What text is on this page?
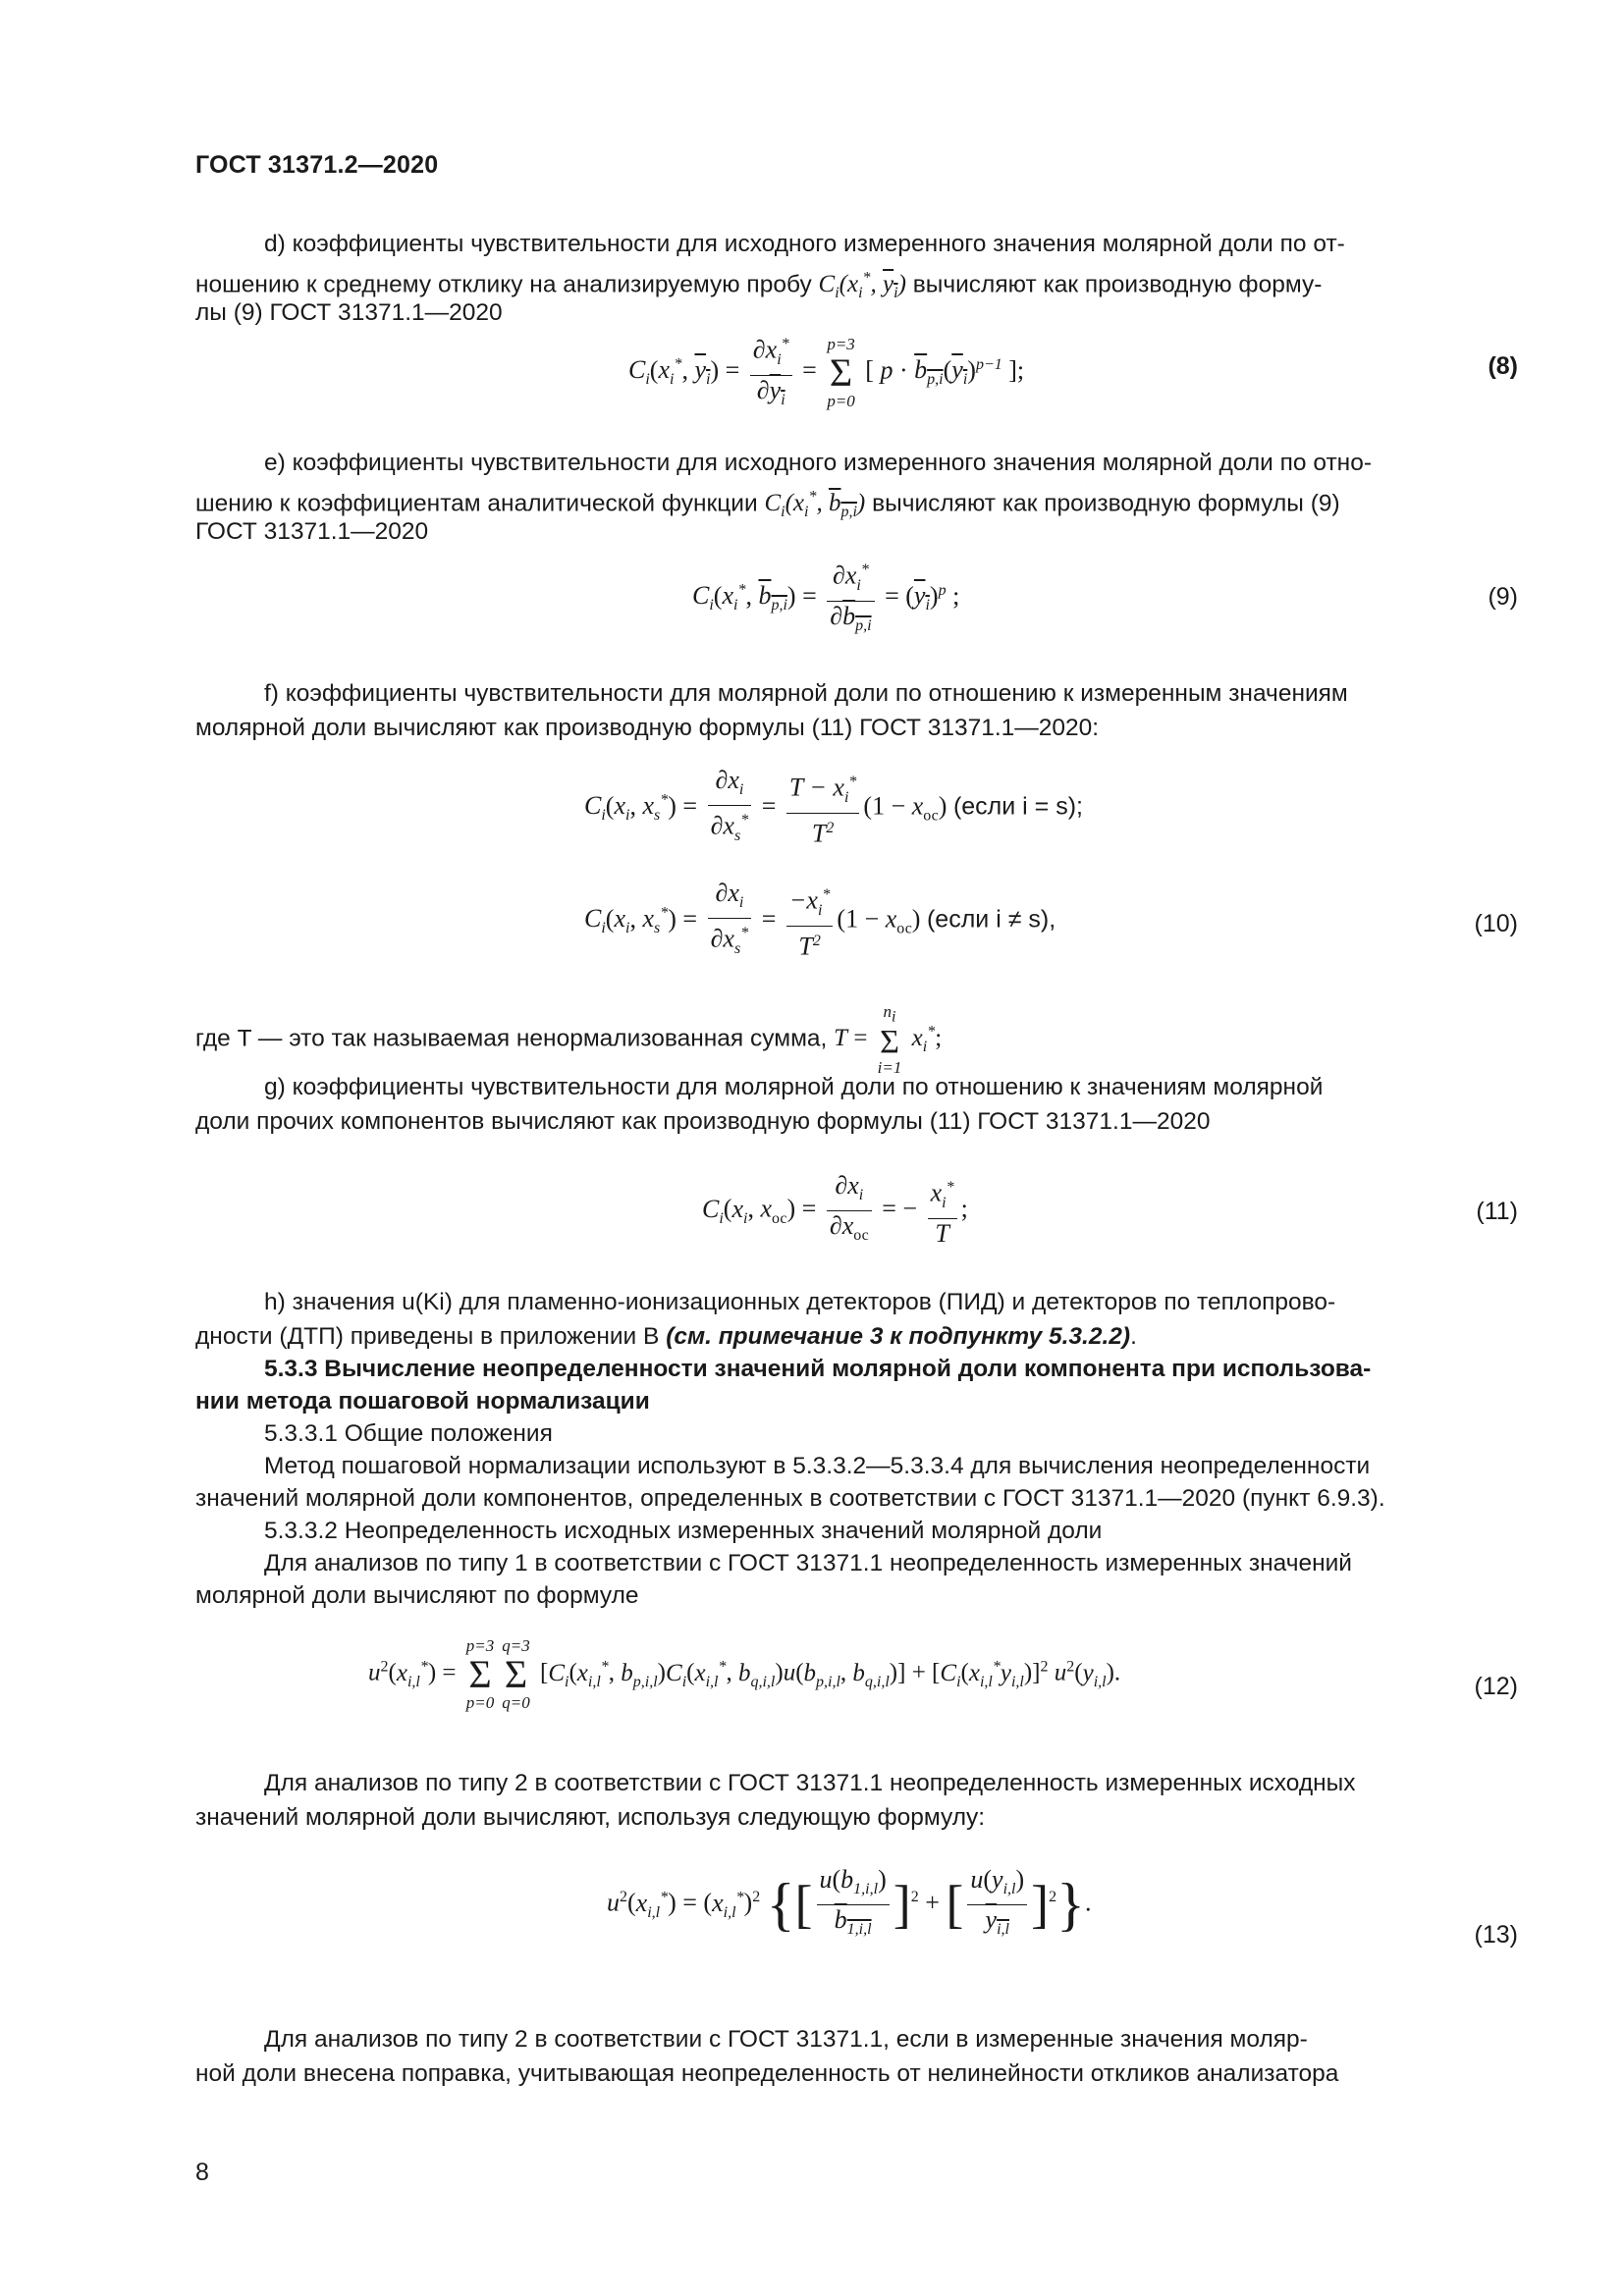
ГОСТ 31371.2—2020
d) коэффициенты чувствительности для исходного измеренного значения молярной доли по от-
ношению к среднему отклику на анализируемую пробу $C_i(x_i^*$, $y_i$) вычисляют как производную форму-
лы (9) ГОСТ 31371.1—2020
$C_i(x_i^*$, $y_i) = \frac{\partial x_i^*}{\partial y_i}$ =
p=3
Σ
p=0
[ $p \cdot b_{p,i}(y_i)^{p-1}$ ];	(8)
e) коэффициенты чувствительности для исходного измеренного значения молярной доли по отно-
шению к коэффициентам аналитической функции $C_i(x_i^*$, $b_{p,i}$) вычисляют как производную формулы (9)
ГОСТ 31371.1—2020
$C_i(x_i^*$, $b_{p,i}) = \frac{\partial x_i^*}{\partial b_{p,i}} = (y_i)^p$ ;	(9)
f) коэффициенты чувствительности для молярной доли по отношению к измеренным значениям
молярной доли вычисляют как производную формулы (11) ГОСТ 31371.1—2020:
$C_i(x_i$, $x_s^*) = \frac{\partial x_i}{\partial x_s^*} = \frac{T - x_i^*}{T^2} (1 - x_{ос})$ (если i = s);
$C_i(x_i$, $x_s^*) = \frac{\partial x_i}{\partial x_s^*} = \frac{-x_i^*}{T^2} (1 - x_{ос})$ (если i ≠ s),	(10)
где T — это так называемая ненормализованная сумма, T =
$n_i$
Σ
i=1
$x_i^*$;
g) коэффициенты чувствительности для молярной доли по отношению к значениям молярной
доли прочих компонентов вычисляют как производную формулы (11) ГОСТ 31371.1—2020
$C_i(x_i$, $x_{ос}) = \frac{\partial x_i}{\partial x_{ос}}$ = − $\frac{x_i^*}{T}$ ;	(11)
h) значения u(Ki) для пламенно-ионизационных детекторов (ПИД) и детекторов по теплопрово-
дности (ДТП) приведены в приложении В (см. примечание 3 к подпункту 5.3.2.2).
5.3.3 Вычисление неопределенности значений молярной доли компонента при использова-
нии метода пошаговой нормализации
5.3.3.1 Общие положения
Метод пошаговой нормализации используют в 5.3.3.2—5.3.3.4 для вычисления неопределенности
значений молярной доли компонентов, определенных в соответствии с ГОСТ 31371.1—2020 (пункт 6.9.3).
5.3.3.2 Неопределенность исходных измеренных значений молярной доли
Для анализов по типу 1 в соответствии с ГОСТ 31371.1 неопределенность измеренных значений
молярной доли вычисляют по формуле
$u^2(x_{i,l}^*)$ =
p=3
Σ
p=0
q=3
Σ
q=0
[$C_i(x_{i,l}^*$, $b_{p,i,l})C_i(x_{i,l}^*$, $b_{q,i,l})u(b_{p,i,l}$, $b_{q,i,l})] + [C_i(x_{i,l}^*y_{i,l})]^2$ $u^2(y_{i,l})$.	(12)
Для анализов по типу 2 в соответствии с ГОСТ 31371.1 неопределенность измеренных исходных
значений молярной доли вычисляют, используя следующую формулу:
$u^2(x_{i,l}^*) = (x_{i,l}^*)^2$ {[ $\frac{u(b_{1,i,l})}{b_{1,i,l}} ]^2$ + [ $\frac{u(y_{i,l})}{y_{i,l}} ]^2$}.
(13)
Для анализов по типу 2 в соответствии с ГОСТ 31371.1, если в измеренные значения моляр-
ной доли внесена поправка, учитывающая неопределенность от нелинейности откликов анализатора
8
